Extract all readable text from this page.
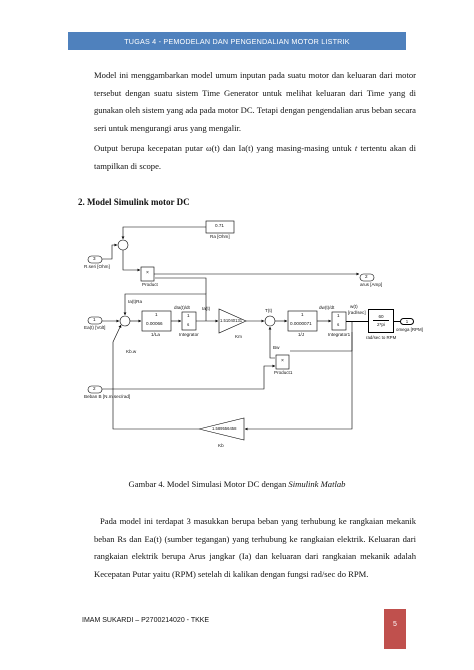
TUGAS 4 - PEMODELAN DAN PENGENDALIAN MOTOR LISTRIK

Model ini menggambarkan model umum inputan pada suatu motor dan keluaran dari motor tersebut dengan suatu sistem Time Generator untuk melihat keluaran dari Time yang di gunakan oleh sistem yang ada pada motor DC. Tetapi dengan pengendalian arus beban secara seri untuk mengurangi arus yang mengalir.

Output berupa kecepatan putar ω(t) dan Ia(t) yang masing-masing untuk t tertentu akan di tampilkan di scope.

2. Model Simulink motor DC
0.71
Ra [Ohm]
3
R.seri [Ohm]
×
Product
2
arus [Amp]
Ia(t)Ra
1
Ea(t) [Volt]
dIa(t)/dt
1
0.00066
1/La
1
s
Integrator
Ia(t)
1.51040131
Km
T(t)
1
0.0000071
1/J
dw(t)/dt
1
s
Integrator1
w(t)
[rad/sec]
Kb.w
Bw
×
Product1
2
Beban B [N.m.sec/rad]
1.589556458
Kb
60
2*pi
rad/sec to RPM
1
omega [RPM]
Gambar 4. Model Simulasi Motor DC dengan Simulink Matlab

Pada model ini terdapat 3 masukkan berupa beban yang terhubung ke rangkaian mekanik beban Rs dan Ea(t) (sumber tegangan) yang terhubung ke rangkaian elektrik. Keluaran dari rangkaian elektrik berupa Arus jangkar (Ia) dan keluaran dari rangkaian mekanik adalah Kecepatan Putar yaitu (RPM) setelah di kalikan dengan fungsi rad/sec do RPM.

IMAM SUKARDI – P2700214020 - TKKE
5
